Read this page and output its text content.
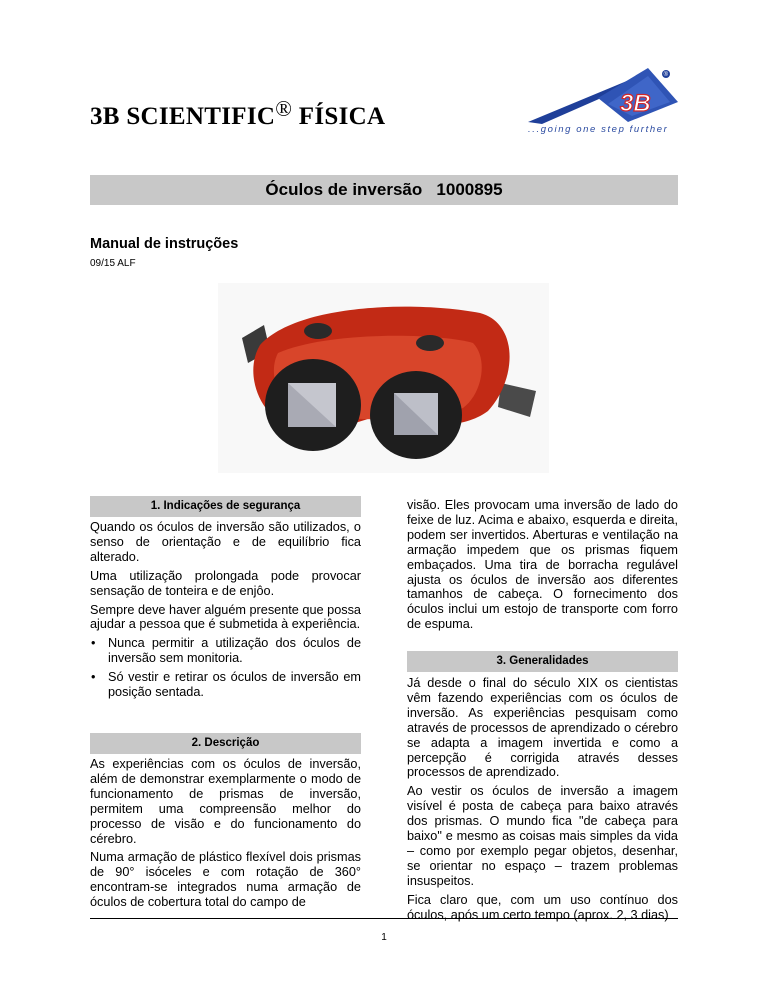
3B SCIENTIFIC® FÍSICA	3B
®
...going one step further
Óculos de inversão   1000895
Manual de instruções
09/15 ALF
1. Indicações de segurança

Quando os óculos de inversão são utilizados, o senso de orientação e de equilíbrio fica alterado.

Uma utilização prolongada pode provocar sensação de tonteira e de enjôo.

Sempre deve haver alguém presente que possa ajudar a pessoa que é submetida à experiência.

• Nunca permitir a utilização dos óculos de inversão sem monitoria.
• Só vestir e retirar os óculos de inversão em posição sentada.
2. Descrição

As experiências com os óculos de inversão, além de demonstrar exemplarmente o modo de funcionamento de prismas de inversão, permitem uma compreensão melhor do processo de visão e do funcionamento do cérebro.

Numa armação de plástico flexível dois prismas de 90° isóceles e com rotação de 360° encontram-se integrados numa armação de óculos de cobertura total do campo de

visão. Eles provocam uma inversão de lado do feixe de luz. Acima e abaixo, esquerda e direita, podem ser invertidos. Aberturas e ventilação na armação impedem que os prismas fiquem embaçados. Uma tira de borracha regulável ajusta os óculos de inversão aos diferentes tamanhos de cabeça. O fornecimento dos óculos inclui um estojo de transporte com forro de espuma.

3. Generalidades

Já desde o final do século XIX os cientistas vêm fazendo experiências com os óculos de inversão. As experiências pesquisam como através de processos de aprendizado o cérebro se adapta a imagem invertida e como a percepção é corrigida através desses processos de aprendizado.

Ao vestir os óculos de inversão a imagem visível é posta de cabeça para baixo através dos prismas. O mundo fica "de cabeça para baixo" e mesmo as coisas mais simples da vida – como por exemplo pegar objetos, desenhar, se orientar no espaço – trazem problemas insuspeitos.

Fica claro que, com um uso contínuo dos óculos, após um certo tempo (aprox. 2, 3 dias)

1
